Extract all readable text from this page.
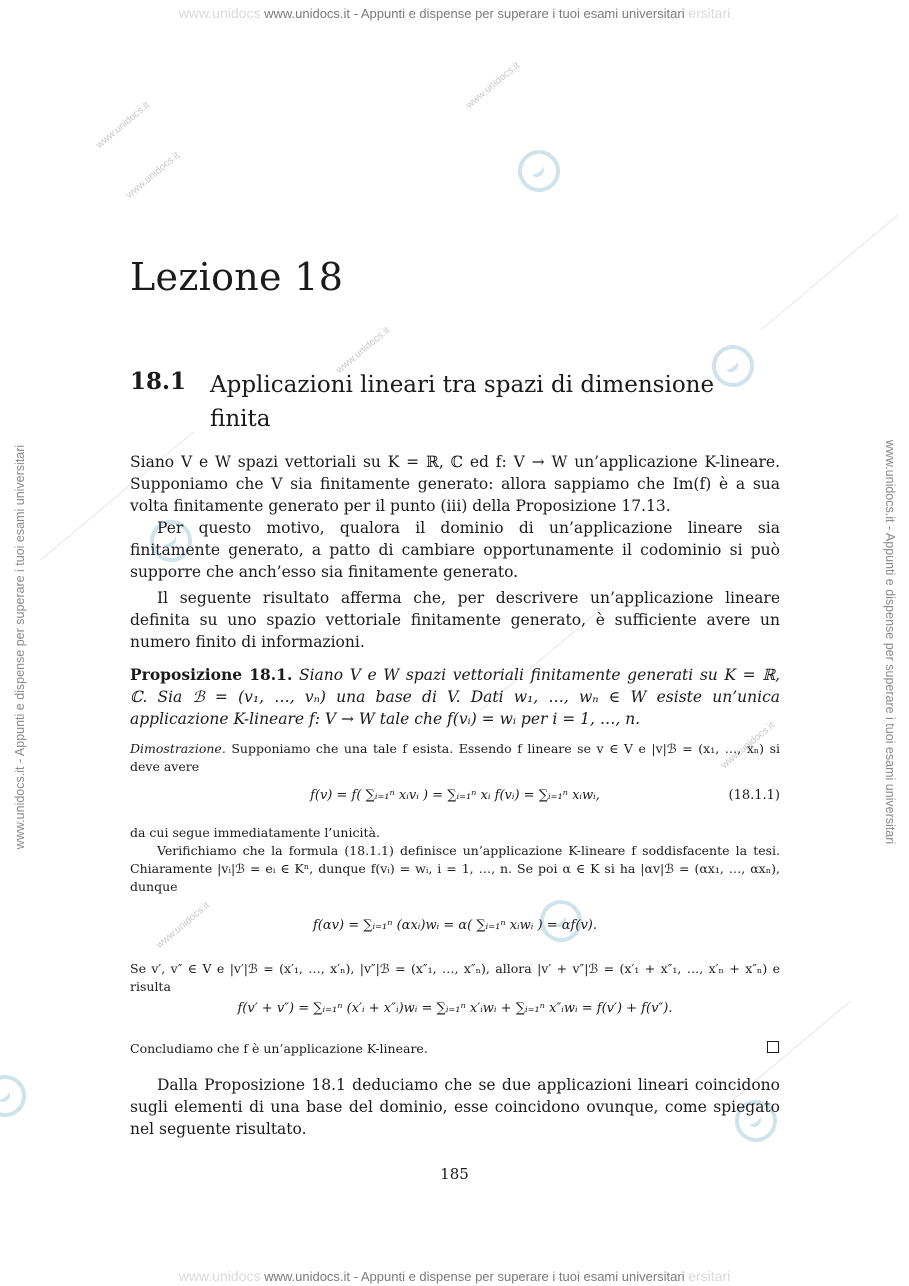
www.unidocs www.unidocs.it - Appunti e dispense per superare i tuoi esami universitari ersitari
www.unidocs www.unidocs.it - Appunti e dispense per superare i tuoi esami universitari ersitari
www.unidocs.it - Appunti e dispense per superare i tuoi esami universitari	www.unidocs.it - Appunti e dispense per superare i tuoi esami universitari
www.unidocs.it
www.unidocs.it
www.unidocs.it
www.unidocs.it
www.unidocs.it
www.unidocs.it
Lezione 18
18.1 Applicazioni lineari tra spazi di dimensione finita
Siano V e W spazi vettoriali su K = ℝ, ℂ ed f: V → W un’applicazione K-lineare. Supponiamo che V sia finitamente generato: allora sappiamo che Im(f) è a sua volta finitamente generato per il punto (iii) della Proposizione 17.13.
Per questo motivo, qualora il dominio di un’applicazione lineare sia finitamente generato, a patto di cambiare opportunamente il codominio si può supporre che anch’esso sia finitamente generato.
Il seguente risultato afferma che, per descrivere un’applicazione lineare definita su uno spazio vettoriale finitamente generato, è sufficiente avere un numero finito di informazioni.
Proposizione 18.1. Siano V e W spazi vettoriali finitamente generati su K = ℝ, ℂ. Sia ℬ = (v₁, …, vₙ) una base di V. Dati w₁, …, wₙ ∈ W esiste un’unica applicazione K-lineare f: V → W tale che f(vᵢ) = wᵢ per i = 1, …, n.
Dimostrazione. Supponiamo che una tale f esista. Essendo f lineare se v ∈ V e |v|ℬ = (x₁, …, xₙ) si deve avere
f(v) = f( ∑ᵢ₌₁ⁿ xᵢvᵢ ) = ∑ᵢ₌₁ⁿ xᵢ f(vᵢ) = ∑ᵢ₌₁ⁿ xᵢwᵢ,	(18.1.1)
da cui segue immediatamente l’unicità.
Verifichiamo che la formula (18.1.1) definisce un’applicazione K-lineare f soddisfacente la tesi. Chiaramente |vᵢ|ℬ = eᵢ ∈ Kⁿ, dunque f(vᵢ) = wᵢ, i = 1, …, n. Se poi α ∈ K si ha |αv|ℬ = (αx₁, …, αxₙ), dunque
f(αv) = ∑ᵢ₌₁ⁿ (αxᵢ)wᵢ = α( ∑ᵢ₌₁ⁿ xᵢwᵢ ) = αf(v).
Se v′, v″ ∈ V e |v′|ℬ = (x′₁, …, x′ₙ), |v″|ℬ = (x″₁, …, x″ₙ), allora |v′ + v″|ℬ = (x′₁ + x″₁, …, x′ₙ + x″ₙ) e risulta
f(v′ + v″) = ∑ᵢ₌₁ⁿ (x′ᵢ + x″ᵢ)wᵢ = ∑ᵢ₌₁ⁿ x′ᵢwᵢ + ∑ᵢ₌₁ⁿ x″ᵢwᵢ = f(v′) + f(v″).
Concludiamo che f è un’applicazione K-lineare.
Dalla Proposizione 18.1 deduciamo che se due applicazioni lineari coincidono sugli elementi di una base del dominio, esse coincidono ovunque, come spiegato nel seguente risultato.
185
